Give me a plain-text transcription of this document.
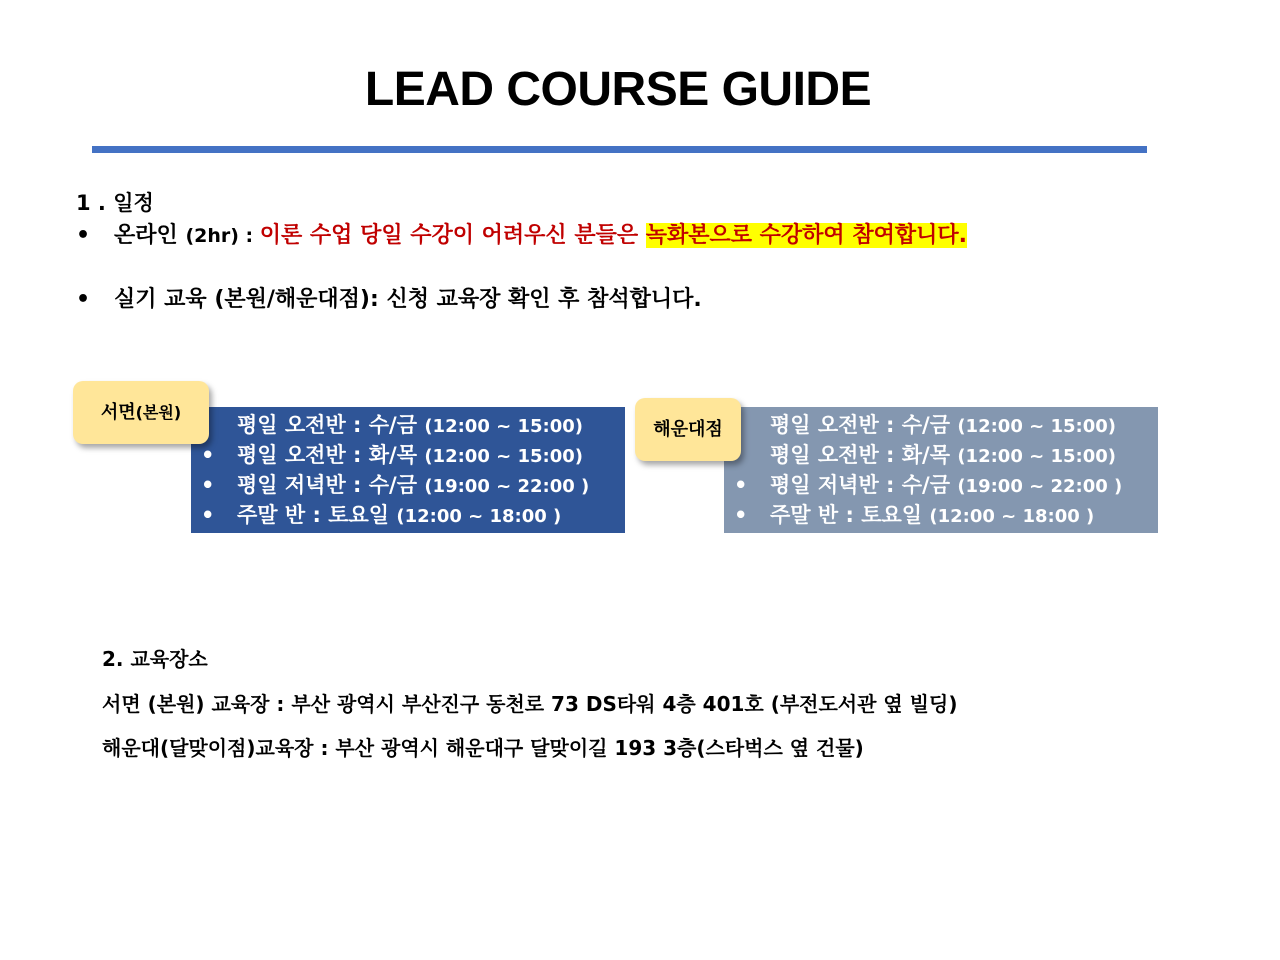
LEAD COURSE GUIDE
1 . 일정
• 온라인 (2hr) : 이론 수업 당일 수강이 어려우신 분들은 녹화본으로 수강하여 참여합니다.
• 실기 교육 (본원/해운대점): 신청 교육장 확인 후 참석합니다.
평일 오전반 : 수/금 (12:00 ~ 15:00)
• 평일 오전반 : 화/목 (12:00 ~ 15:00)
• 평일 저녁반 : 수/금 (19:00 ~ 22:00 )
• 주말 반 : 토요일 (12:00 ~ 18:00 )
서면(본원)
평일 오전반 : 수/금 (12:00 ~ 15:00)
평일 오전반 : 화/목 (12:00 ~ 15:00)
• 평일 저녁반 : 수/금 (19:00 ~ 22:00 )
• 주말 반 : 토요일 (12:00 ~ 18:00 )
해운대점
2. 교육장소
서면 (본원) 교육장 : 부산 광역시 부산진구 동천로 73 DS타워 4층 401호 (부전도서관 옆 빌딩)
해운대(달맞이점)교육장 : 부산 광역시 해운대구 달맞이길 193 3층(스타벅스 옆 건물)
